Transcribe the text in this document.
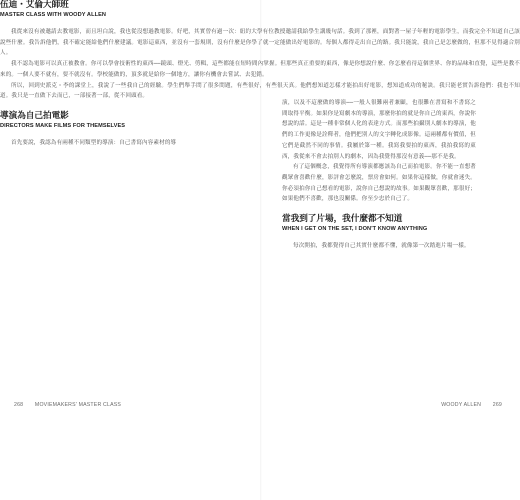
伍迪・艾倫大師班
MASTER CLASS WITH WOODY ALLEN

我從來沒有被邀請去教電影，而且坦白說，我也從沒想過教電影。好吧，其實曾有過一次：紐約大學有位教授邀請我給學生講幾句話。我到了那裡，面對著一屋子年輕的電影學生，而我完全不知道自己該說些什麼。我告訴他們，我不確定能給他們什麼建議。電影這東西，並沒有一套規則，沒有什麼是你學了就一定能做出好電影的。每個人都得走出自己的路。我只能說，我自己是怎麼做的，但那不見得適合別人。

我不認為電影可以真正被教會。你可以學會技術性的東西──鏡頭、燈光、剪輯，這些都能在短時間內掌握。但那些真正重要的東西，像是你想說什麼、你怎麼看待這個世界、你的品味和直覺，這些是教不來的。一個人要不就有，要不就沒有。學校能做的，頂多就是給你一個地方，讓你有機會去嘗試、去犯錯。

所以，回到史派克・李的課堂上，我說了一些我自己的經驗。學生們舉手問了很多問題，有些很好，有些很天真。他們想知道怎樣才能拍出好電影，想知道成功的秘訣。我只能老實告訴他們：我也不知道。我只是一直做下去而已，一部接著一部，從不回頭看。

導演為自己拍電影
DIRECTORS MAKE FILMS FOR THEMSELVES

首先要說，我認為有兩種不同類型的導演：自己書寫內容素材的導

演，以及不這麼做的導演──一般人很難兩者兼顧，也很難在書寫和不書寫之間取得平衡。如果你是寫劇本的導演，那麼你拍的就是你自己的東西，你說你想說的話。這是一種非常個人化的表達方式。而那些拍攝別人劇本的導演，他們的工作更像是詮釋者，他們把別人的文字轉化成影像。這兩種都有價值，但它們是截然不同的事情。我屬於第一種。我寫我要拍的東西，我拍我寫的東西，我從來不會去拍別人的劇本，因為我覺得那沒有意義──那不是我。

有了這個概念，我覺得所有導演都應該為自己而拍電影。你不能一直想著觀眾會喜歡什麼，影評會怎麼說，票房會如何。如果你這樣做，你就會迷失。你必須拍你自己想看的電影，說你自己想說的故事。如果觀眾喜歡，那很好；如果他們不喜歡，那也沒關係。你至少忠於自己了。

當我到了片場，我什麼都不知道
WHEN I GET ON THE SET, I DON'T KNOW ANYTHING

每次開拍，我都覺得自己其實什麼都不懂，就像第一次踏進片場一樣。

268 MOVIEMAKERS' MASTER CLASS	WOODY ALLEN 269
